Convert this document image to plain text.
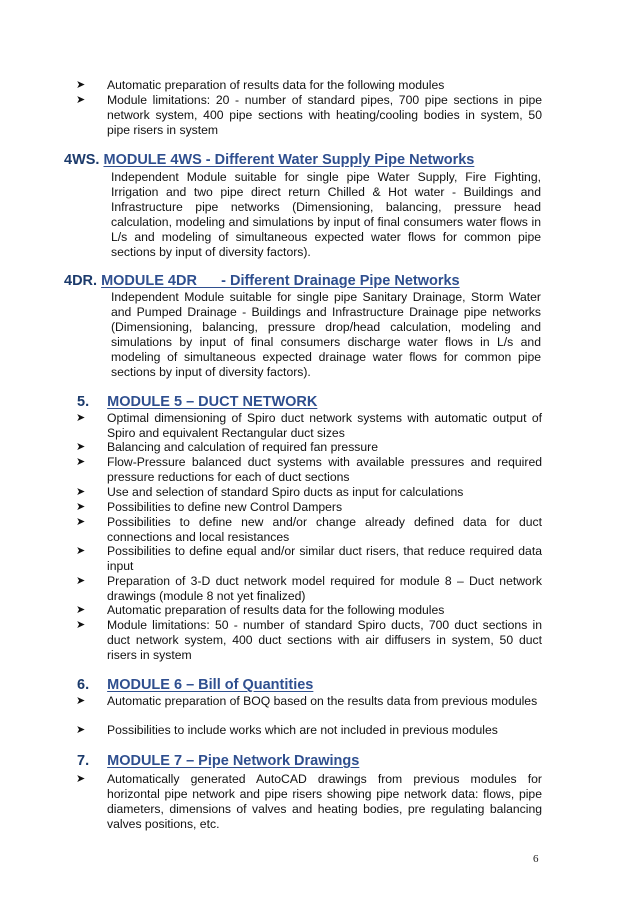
➤ Automatic preparation of results data for the following modules
➤ Module limitations: 20 - number of standard pipes, 700 pipe sections in pipe network system, 400 pipe sections with heating/cooling bodies in system, 50 pipe risers in system
4WS. MODULE 4WS - Different Water Supply Pipe Networks
Independent Module suitable for single pipe Water Supply, Fire Fighting, Irrigation and two pipe direct return Chilled & Hot water - Buildings and Infrastructure pipe networks (Dimensioning, balancing, pressure head calculation, modeling and simulations by input of final consumers water flows in L/s and modeling of simultaneous expected water flows for common pipe sections by input of diversity factors).
4DR. MODULE 4DR      - Different Drainage Pipe Networks
Independent Module suitable for single pipe Sanitary Drainage, Storm Water and Pumped Drainage - Buildings and Infrastructure Drainage pipe networks (Dimensioning, balancing, pressure drop/head calculation, modeling and simulations by input of final consumers discharge water flows in L/s and modeling of simultaneous expected drainage water flows for common pipe sections by input of diversity factors).
5. MODULE 5 – DUCT NETWORK
➤ Optimal dimensioning of Spiro duct network systems with automatic output of Spiro and equivalent Rectangular duct sizes
➤ Balancing and calculation of required fan pressure
➤ Flow-Pressure balanced duct systems with available pressures and required pressure reductions for each of duct sections
➤ Use and selection of standard Spiro ducts as input for calculations
➤ Possibilities to define new Control Dampers
➤ Possibilities to define new and/or change already defined data for duct connections and local resistances
➤ Possibilities to define equal and/or similar duct risers, that reduce required data input
➤ Preparation of 3-D duct network model required for module 8 – Duct network drawings (module 8 not yet finalized)
➤ Automatic preparation of results data for the following modules
➤ Module limitations: 50 - number of standard Spiro ducts, 700 duct sections in duct network system, 400 duct sections with air diffusers in system, 50 duct risers in system
6. MODULE 6 – Bill of Quantities
➤ Automatic preparation of BOQ based on the results data from previous modules
➤ Possibilities to include works which are not included in previous modules
7. MODULE 7 – Pipe Network Drawings
➤ Automatically generated AutoCAD drawings from previous modules for horizontal pipe network and pipe risers showing pipe network data: flows, pipe diameters, dimensions of valves and heating bodies, pre regulating balancing valves positions, etc.
6
